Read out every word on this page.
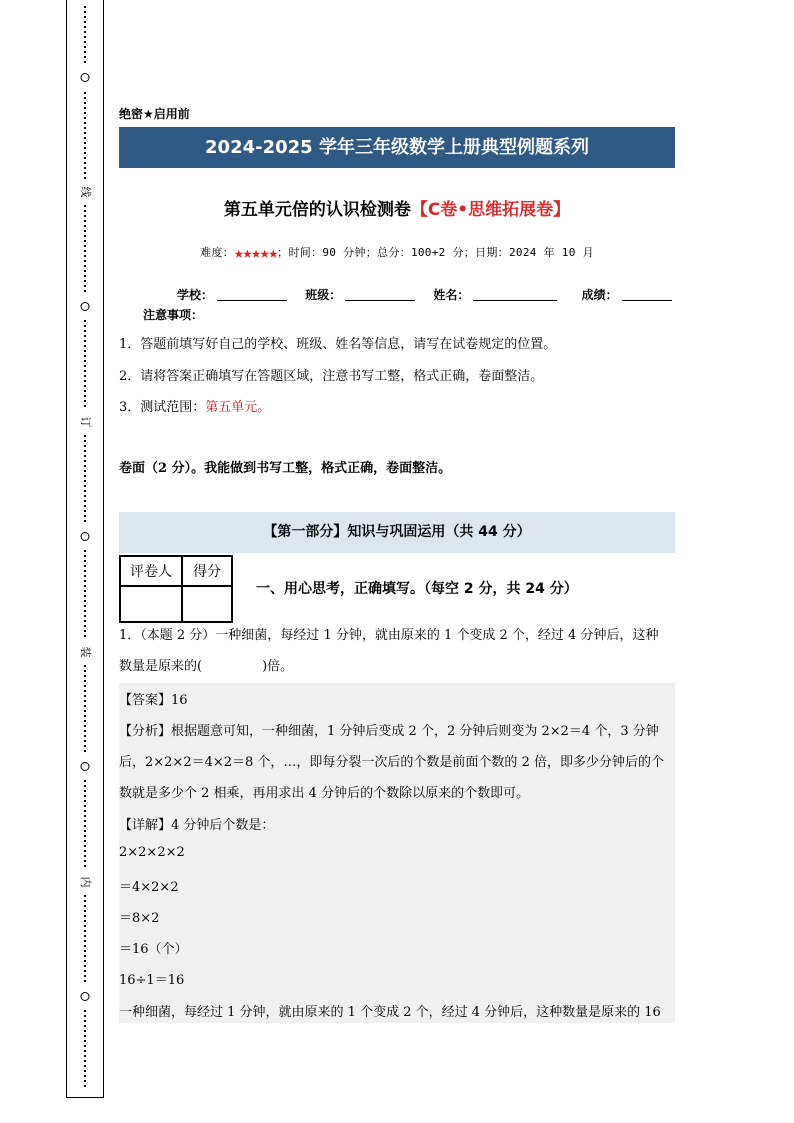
线
订
装
内
绝密★启用前
2024-2025 学年三年级数学上册典型例题系列
第五单元倍的认识检测卷【C卷•思维拓展卷】
难度：★★★★★；时间：90 分钟；总分：100+2 分；日期：2024 年 10 月
学校：	班级：	姓名：	成绩：
注意事项：
1．答题前填写好自己的学校、班级、姓名等信息，请写在试卷规定的位置。
2．请将答案正确填写在答题区域，注意书写工整，格式正确，卷面整洁。
3．测试范围：第五单元。
卷面（2 分）。我能做到书写工整，格式正确，卷面整洁。
【第一部分】知识与巩固运用（共 44 分）
评卷人	得分

一、用心思考，正确填写。（每空 2 分，共 24 分）
1．（本题 2 分）一种细菌，每经过 1 分钟，就由原来的 1 个变成 2 个，经过 4 分钟后，这种
数量是原来的(	)倍。
【答案】16
【分析】根据题意可知，一种细菌，1 分钟后变成 2 个，2 分钟后则变为 2×2＝4 个，3 分钟
后，2×2×2＝4×2＝8 个，…，即每分裂一次后的个数是前面个数的 2 倍，即多少分钟后的个
数就是多少个 2 相乘，再用求出 4 分钟后的个数除以原来的个数即可。
【详解】4 分钟后个数是：
2×2×2×2
＝4×2×2
＝8×2
＝16（个）
16÷1＝16
一种细菌，每经过 1 分钟，就由原来的 1 个变成 2 个，经过 4 分钟后，这种数量是原来的 16
